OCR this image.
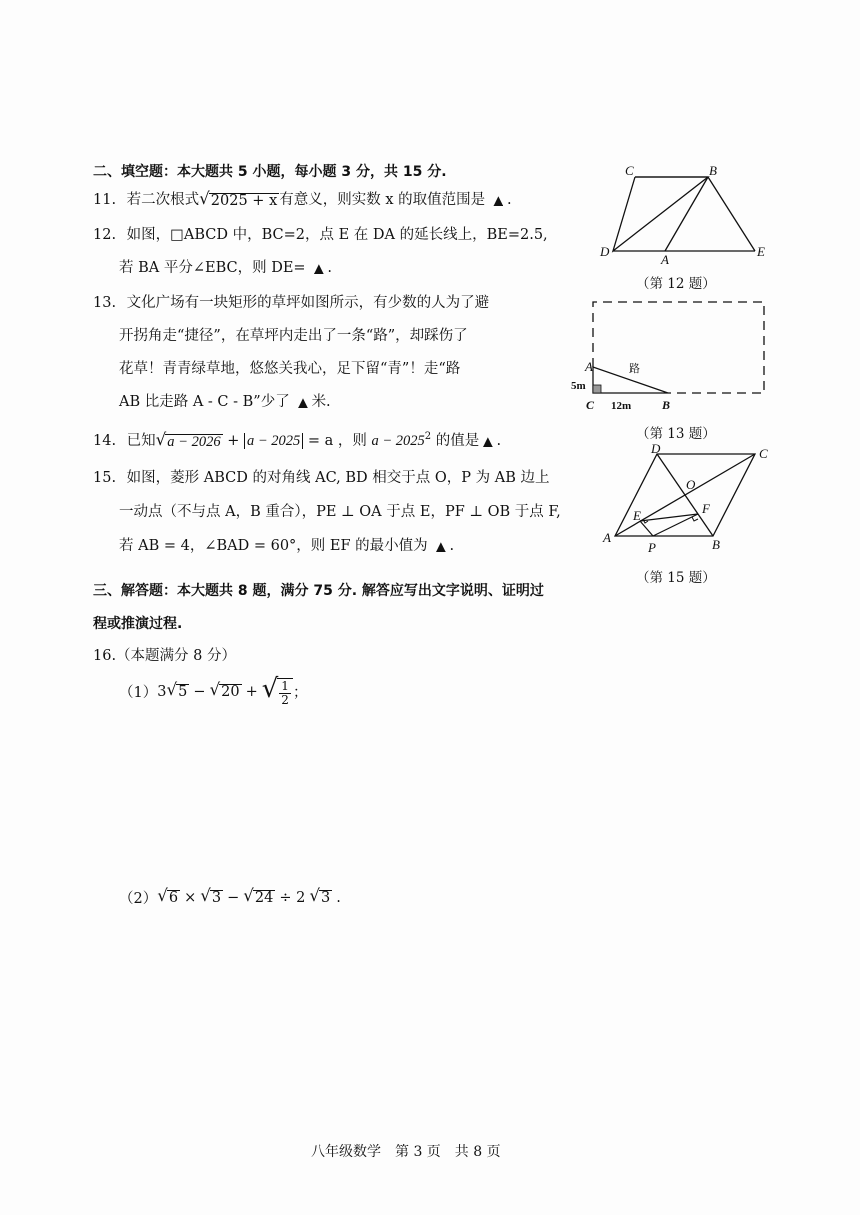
二、填空题：本大题共 5 小题，每小题 3 分，共 15 分.
11. 若二次根式 √ 2025 + x 有意义，则实数 x 的取值范围是 ▲ .
12. 如图，□ABCD 中，BC=2，点 E 在 DA 的延长线上，BE=2.5,
若 BA 平分∠EBC，则 DE= ▲ .
13. 文化广场有一块矩形的草坪如图所示，有少数的人为了避
开拐角走“捷径”，在草坪内走出了一条“路”，却踩伤了
花草！青青绿草地，悠悠关我心，足下留“青”！走“路
AB 比走路 A - C - B”少了 ▲ 米.
14. 已知 √ a − 2026 + a − 2025 = a ，则 $a - 2025^2$ 的值是 ▲ .
15. 如图，菱形 ABCD 的对角线 AC, BD 相交于点 O，P 为 AB 边上
一动点（不与点 A，B 重合），PE ⊥ OA 于点 E，PF ⊥ OB 于点 F,
若 AB = 4，∠BAD = 60°，则 EF 的最小值为 ▲ .
三、解答题：本大题共 8 题，满分 75 分. 解答应写出文字说明、证明过
程或推演过程.
16.（本题满分 8 分）
（1） 3 √ 5 − √ 20 + √ $\frac{1}{2}$ ；
（2） √ 6 × √ 3 − √ 24 ÷ 2 √ 3 .
C	B
D
A
E
（第 12 题）
A
C	B
路
5m
12m
（第 13 题）
D	C
O
E	F
A
P	B
（第 15 题）
八年级数学　第 3 页　共 8 页
